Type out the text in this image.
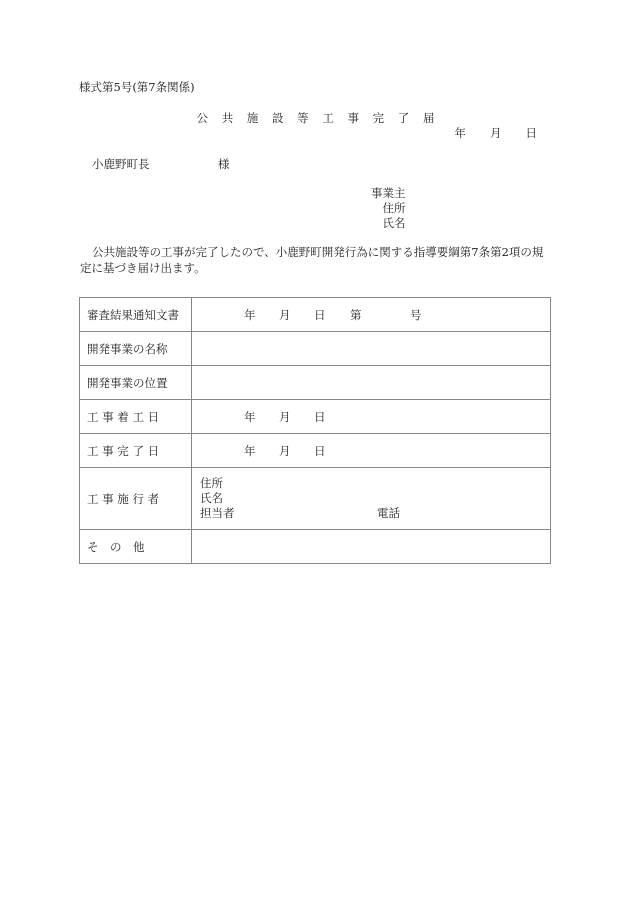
様式第5号(第7条関係)
公 共 施 設 等 工 事 完 了 届
年 月 日
小鹿野町長	様
事業主
住所
氏名
公共施設等の工事が完了したので、小鹿野町開発行為に関する指導要綱第7条第2項の規定に基づき届け出ます。
審査結果通知文書	年 月 日 第 号

開発事業の名称	
開発事業の位置	
工 事 着 工 日	年 月 日

工 事 完 了 日	年 月 日

工 事 施 行 者	住所
氏名
担当者 電話

そ　の　他	
